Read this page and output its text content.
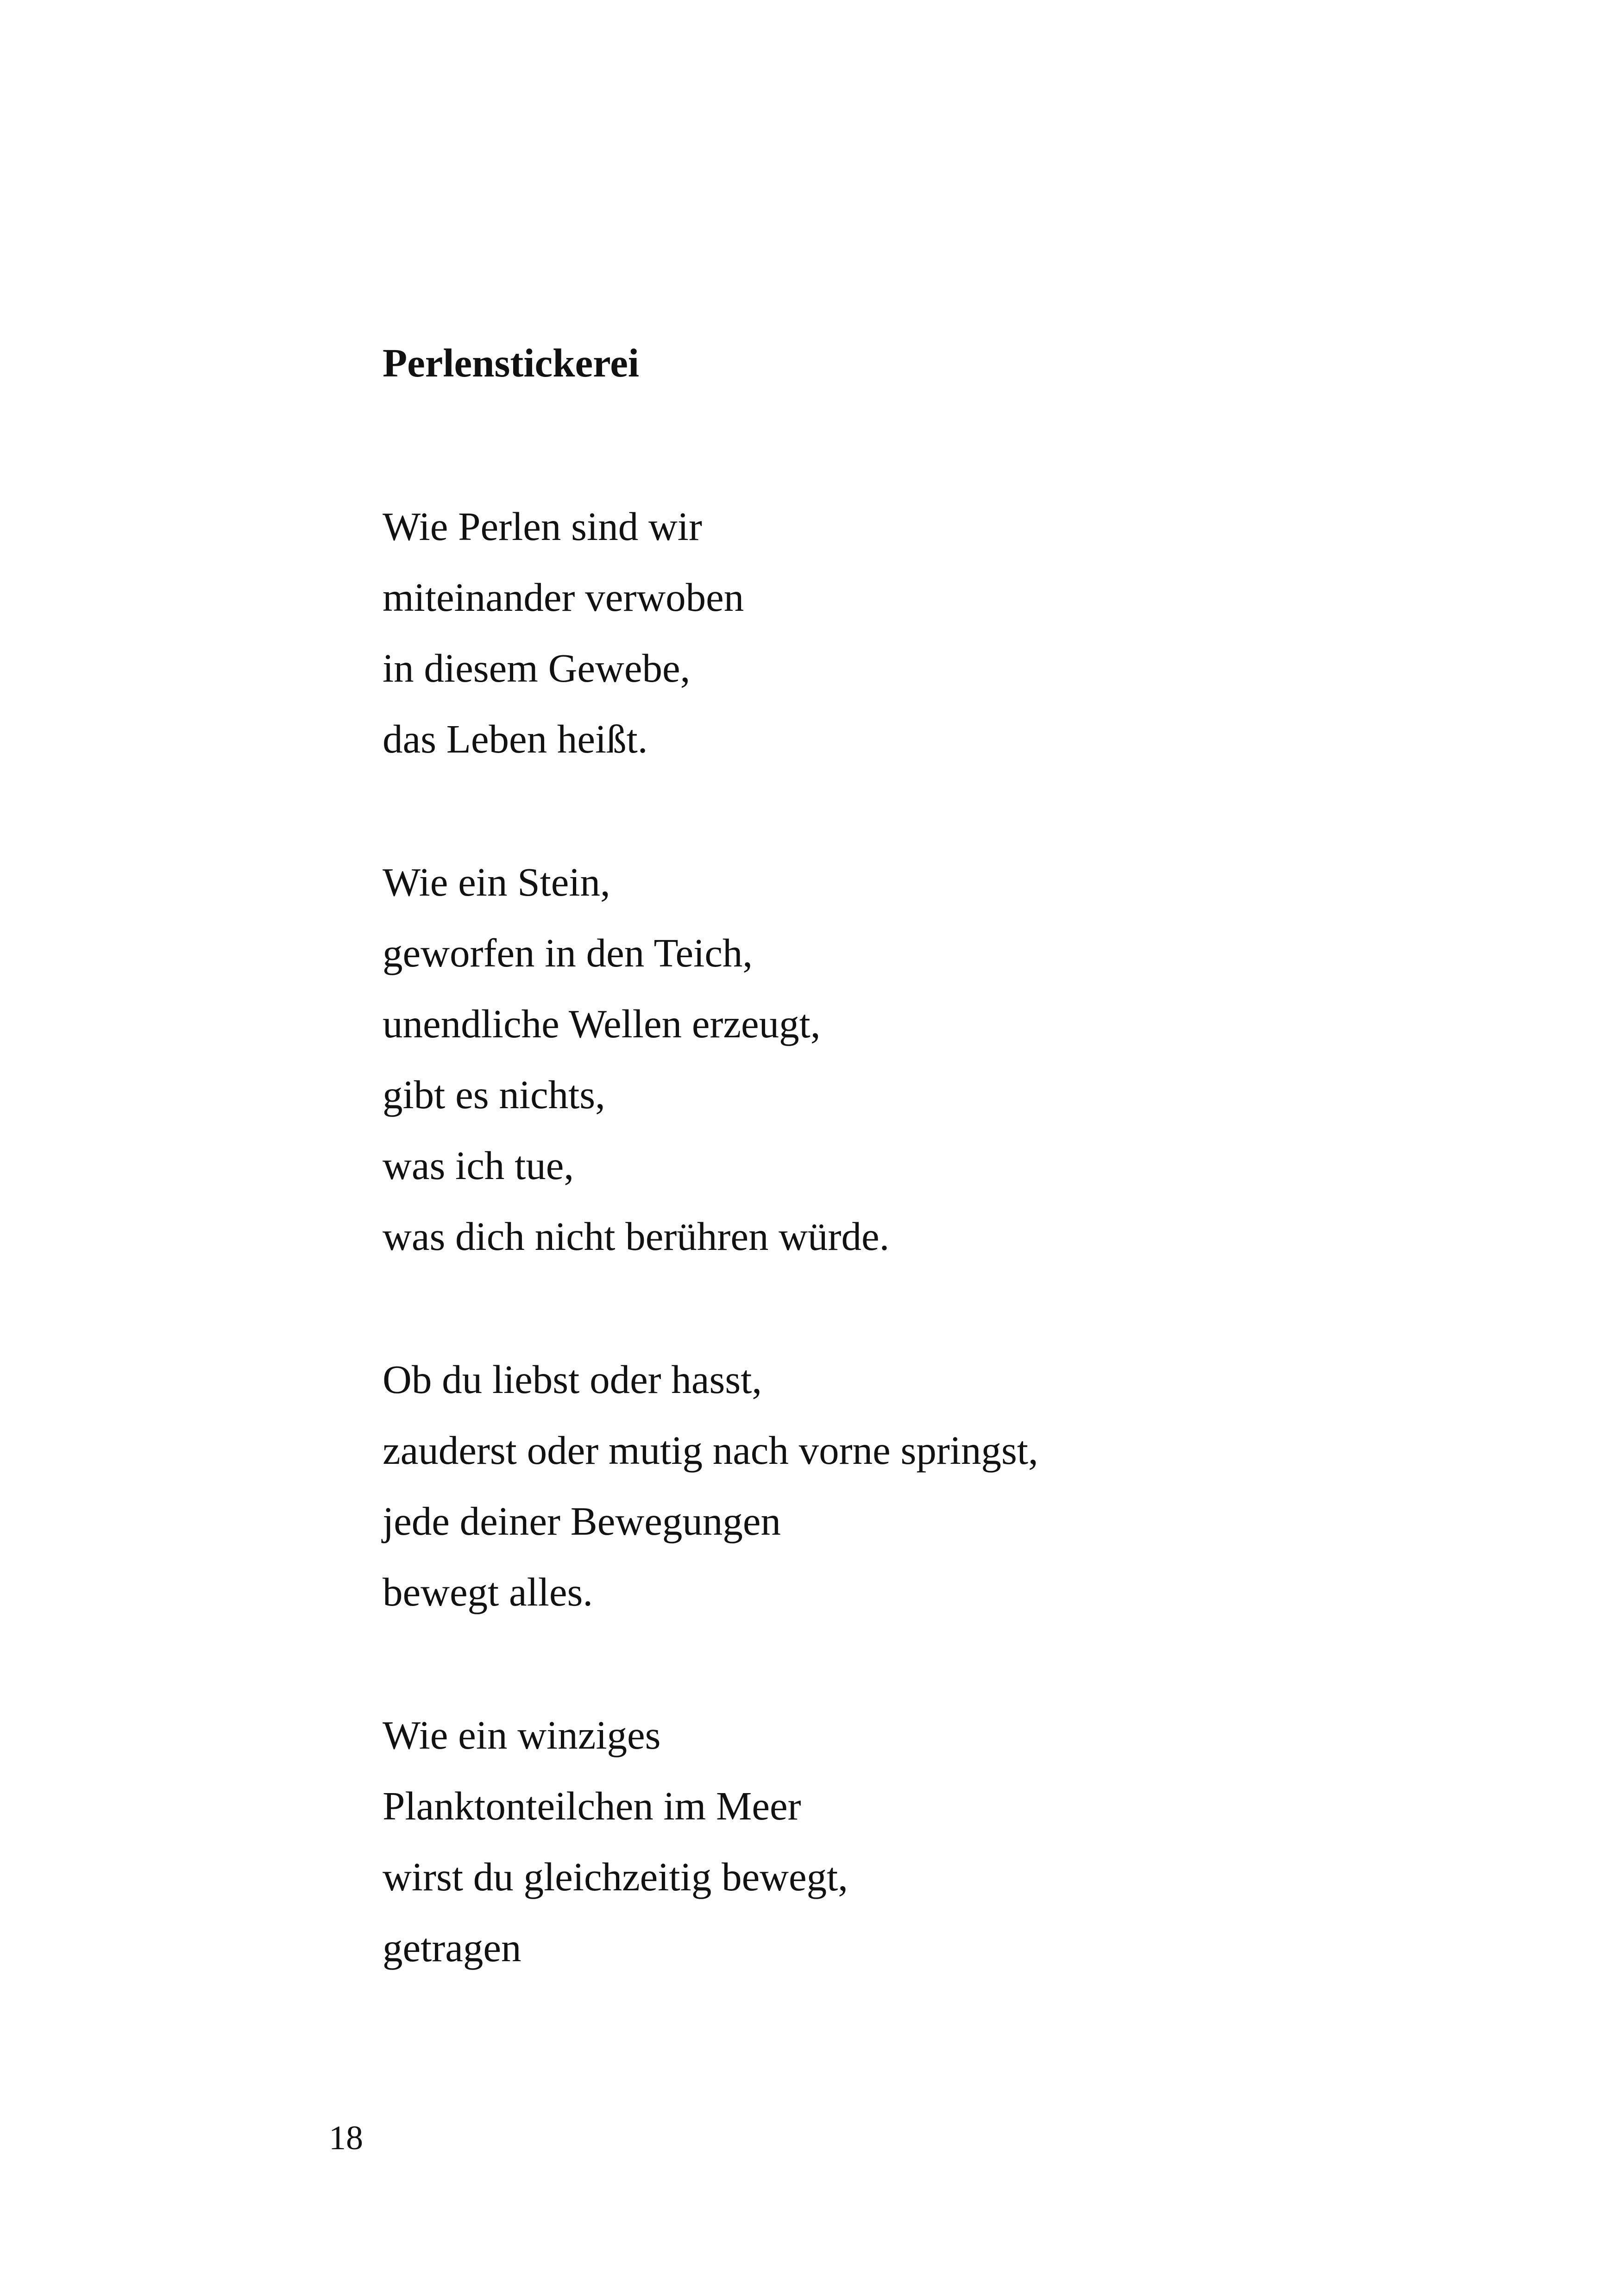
Perlenstickerei
Wie Perlen sind wir
miteinander verwoben
in diesem Gewebe,
das Leben heißt.
Wie ein Stein,
geworfen in den Teich,
unendliche Wellen erzeugt,
gibt es nichts,
was ich tue,
was dich nicht berühren würde.
Ob du liebst oder hasst,
zauderst oder mutig nach vorne springst,
jede deiner Bewegungen
bewegt alles.
Wie ein winziges
Planktonteilchen im Meer
wirst du gleichzeitig bewegt,
getragen
18
